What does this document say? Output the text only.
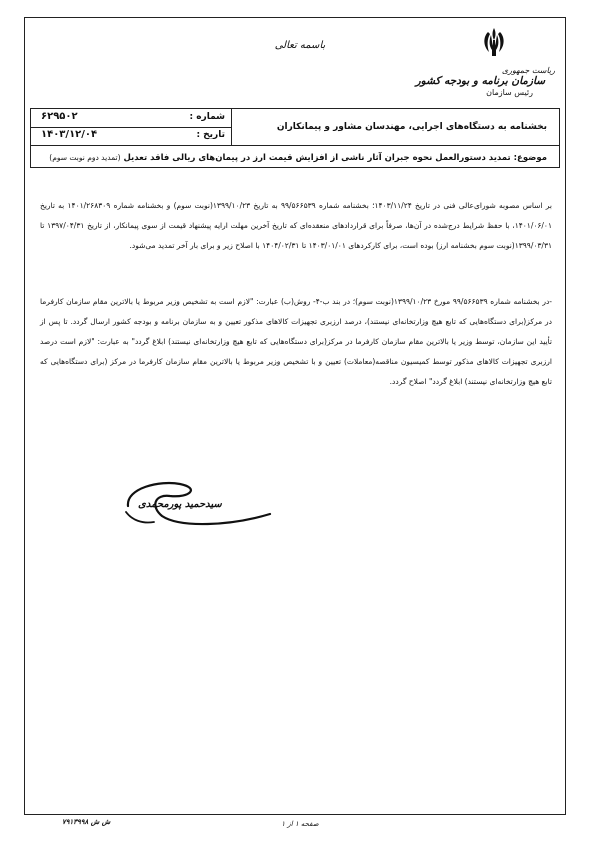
باسمه تعالی
ریاست جمهوری
سازمان برنامه و بودجه کشور
رئیس سازمان
بخشنامه به دستگاه‌های اجرایی، مهندسان مشاور و پیمانکاران
شماره :
۶۲۹۵۰۲
تاریخ :
۱۴۰۳/۱۲/۰۴
موضوع: تمدید دستورالعمل نحوه جبران آثار ناشی از افزایش قیمت ارز در پیمان‌های ریالی فاقد تعدیل (تمدید دوم نوبت سوم)
بر اساس مصوبه شورای‌عالی فنی در تاریخ ۱۴۰۳/۱۱/۲۴؛ بخشنامه شماره ۹۹/۵۶۶۵۳۹ به تاریخ ۱۳۹۹/۱۰/۲۳(نوبت سوم) و بخشنامه شماره ۱۴۰۱/۲۶۸۳۰۹ به تاریخ ۱۴۰۱/۰۶/۰۱، با حفظ شرایط درج‌شده در آن‌ها، صرفاً برای قراردادهای منعقده‌ای که تاریخ آخرین مهلت ارایه پیشنهاد قیمت از سوی پیمانکار، از تاریخ ۱۳۹۷/۰۴/۳۱ تا ۱۳۹۹/۰۳/۳۱(نوبت سوم بخشنامه ارز) بوده است، برای کارکردهای ۱۴۰۳/۰۱/۰۱ تا ۱۴۰۴/۰۲/۳۱ با اصلاح زیر و برای بار آخر تمدید می‌شود.
-در بخشنامه شماره ۹۹/۵۶۶۵۳۹ مورخ ۱۳۹۹/۱۰/۲۳(نوبت سوم)؛ در بند ب-۴- روش(ب) عبارت: "لازم است به تشخیص وزیر مربوط یا بالاترین مقام سازمان کارفرما در مرکز(برای دستگاه‌هایی که تابع هیچ وزارتخانه‌ای نیستند)، درصد ارزبری تجهیزات کالاهای مذکور تعیین و به سازمان برنامه و بودجه کشور ارسال گردد. تا پس از تأیید این سازمان، توسط وزیر یا بالاترین مقام سازمان کارفرما در مرکز(برای دستگاه‌هایی که تابع هیچ وزارتخانه‌ای نیستند) ابلاغ گردد" به عبارت: "لازم است درصد ارزبری تجهیزات کالاهای مذکور توسط کمیسیون مناقصه(معاملات) تعیین و با تشخیص وزیر مربوط یا بالاترین مقام سازمان کارفرما در مرکز (برای دستگاه‌هایی که تابع هیچ وزارتخانه‌ای نیستند) ابلاغ گردد" اصلاح گردد.
سیدحمید پورمحمدی
صفحه ۱ از ۱
ش ش ۷۹۱۳۹۹۸
